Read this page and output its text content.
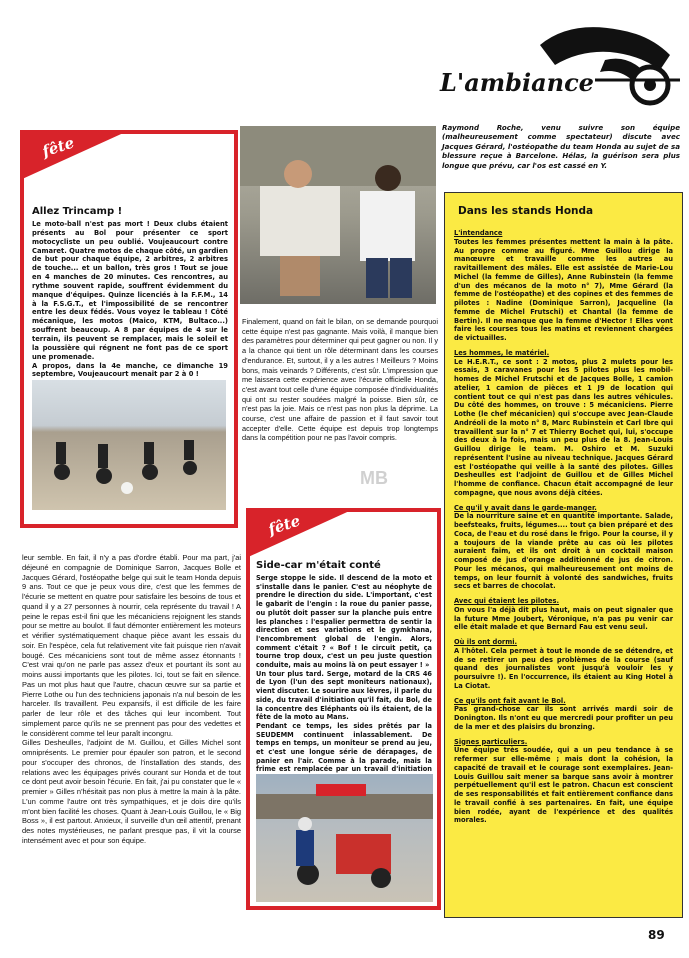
L'ambiance

Raymond Roche, venu suivre son équipe (malheureusement comme spectateur) discute avec Jacques Gérard, l'ostéopathe du team Honda au sujet de sa blessure reçue à Barcelone. Hélas, la guérison sera plus longue que prévu, car l'os est cassé en Y.

fête
Allez Trincamp !

Le moto-ball n'est pas mort ! Deux clubs étaient présents au Bol pour présenter ce sport motocycliste un peu oublié. Voujeaucourt contre Camaret. Quatre motos de chaque côté, un gardien de but pour chaque équipe, 2 arbitres, 2 arbitres de touche... et un ballon, très gros ! Tout se joue en 4 manches de 20 minutes. Ces rencontres, au rythme souvent rapide, souffrent évidemment du manque d'équipes. Quinze licenciés à la F.F.M., 14 à la F.S.G.T., et l'impossibilité de se rencontrer entre les deux fédés. Vous voyez le tableau ! Côté mécanique, les motos (Maico, KTM, Bultaco...) souffrent beaucoup. A 8 par équipes de 4 sur le terrain, ils peuvent se remplacer, mais le soleil et la poussière qui régnent ne font pas de ce sport une promenade.
A propos, dans la 4e manche, ce dimanche 19 septembre, Voujeaucourt menait par 2 à 0 !

Finalement, quand on fait le bilan, on se demande pourquoi cette équipe n'est pas gagnante. Mais voilà, il manque bien des paramètres pour déterminer qui peut gagner ou non. Il y a la chance qui tient un rôle déterminant dans les courses d'endurance. Et, surtout, il y a les autres ! Meilleurs ? Moins bons, mais veinards ? Différents, c'est sûr. L'impression que me laissera cette expérience avec l'écurie officielle Honda, c'est avant tout celle d'une équipe composée d'individualités qui ont su rester soudées malgré la poisse. Bien sûr, ce n'est pas la joie. Mais ce n'est pas non plus la déprime. La course, c'est une affaire de passion et il faut savoir tout accepter d'elle. Cette équipe est depuis trop longtemps dans la compétition pour ne pas l'avoir compris.

MB

leur semble. En fait, il n'y a pas d'ordre établi. Pour ma part, j'ai déjeuné en compagnie de Dominique Sarron, Jacques Bolle et Jacques Gérard, l'ostéopathe belge qui suit le team Honda depuis 9 ans. Tout ce que je peux vous dire, c'est que les femmes de l'écurie se mettent en quatre pour satisfaire les besoins de tous et quand il y a 27 personnes à nourrir, cela représente du travail ! A peine le repas est-il fini que les mécaniciens rejoignent les stands pour se mettre au boulot. Il faut démonter entièrement les moteurs et vérifier systématiquement chaque pièce avant les essais du soir. En l'espèce, cela fut relativement vite fait puisque rien n'avait bougé. Ces mécaniciens sont tout de même assez étonnants ! C'est vrai qu'on ne parle pas assez d'eux et pourtant ils sont au moins aussi importants que les pilotes. Ici, tout se fait en silence. Pas un mot plus haut que l'autre, chacun œuvre sur sa partie et Pierre Lothe ou l'un des techniciens japonais n'a nul besoin de les harceler. Ils travaillent. Peu expansifs, il est difficile de les faire parler de leur rôle et des tâches qui leur incombent. Tout simplement parce qu'ils ne se prennent pas pour des vedettes et le considèrent comme tel leur paraît incongru.
Gilles Desheulles, l'adjoint de M. Guillou, et Gilles Michel sont omniprésents. Le premier pour épauler son patron, et le second pour s'occuper des chronos, de l'installation des stands, des relations avec les équipages privés courant sur Honda et de tout ce dont peut avoir besoin l'écurie. En fait, j'ai pu constater que le « premier » Gilles n'hésitait pas non plus à mettre la main à la pâte. L'un comme l'autre ont très sympathiques, et je dois dire qu'ils m'ont bien facilité les choses. Quant à Jean-Louis Guillou, le « Big Boss », il est partout. Anxieux, il surveille d'un œil attentif, prenant des notes mystérieuses, ne parlant presque pas, il vit la course intensément avec et pour son équipe.

fête
Side-car m'était conté

Serge stoppe le side. Il descend de la moto et s'installe dans le panier. C'est au néophyte de prendre le direction du side. L'important, c'est le gabarit de l'engin : la roue du panier passe, ou plutôt doit passer sur la planche puis entre les planches : l'espalier permettra de sentir la direction et ses variations et le gymkhana, l'encombrement global de l'engin. Alors, comment c'était ? « Bof ! le circuit petit, ça tourne trop doux, c'est un peu juste question conduite, mais au moins là on peut essayer ! »
Un tour plus tard. Serge, motard de la CRS 46 de Lyon (l'un des sept moniteurs nationaux), vient discuter. Le sourire aux lèvres, il parle du side, du travail d'initiation qu'il fait, du Bol, de la concentre des Eléphants où ils étaient, de la fête de la moto au Mans.
Pendant ce temps, les sides prêtés par la SEUDEMM continuent inlassablement. De temps en temps, un moniteur se prend au jeu, et c'est une longue série de dérapages, de panier en l'air. Comme à la parade, mais la frime est remplacée par un travail d'initiation

Dans les stands Honda
L'intendance
Toutes les femmes présentes mettent la main à la pâte. Au propre comme au figuré. Mme Guillou dirige la manœuvre et travaille comme les autres au ravitaillement des mâles. Elle est assistée de Marie-Lou Michel (la femme de Gilles), Anne Rubinstein (la femme d'un des mécanos de la moto n° 7), Mme Gérard (la femme de l'ostéopathe) et des copines et des femmes de pilotes : Nadine (Dominique Sarron), Jacqueline (la femme de Michel Frutschi) et Chantal (la femme de Bertin). Il ne manque que la femme d'Hector ! Elles vont faire les courses tous les matins et reviennent chargées de victuailles.
Les hommes, le matériel.
Le H.E.R.T., ce sont : 2 motos, plus 2 mulets pour les essais, 3 caravanes pour les 5 pilotes plus les mobil-homes de Michel Frutschi et de Jacques Bolle, 1 camion atelier, 1 camion de pièces et 1 J9 de location qui contient tout ce qui n'est pas dans les autres véhicules. Du côté des hommes, on trouve : 5 mécaniciens. Pierre Lothe (le chef mécanicien) qui s'occupe avec Jean-Claude Andréoli de la moto n° 8, Marc Rubinstein et Carl Ibre qui travaillent sur la n° 7 et Thierry Bochet qui, lui, s'occupe des deux à la fois, mais un peu plus de la 8. Jean-Louis Guillou dirige le team. M. Oshiro et M. Suzuki représentent l'usine au niveau technique. Jacques Gérard est l'ostéopathe qui veille à la santé des pilotes. Gilles Desheulles est l'adjoint de Guillou et de Gilles Michel l'homme de confiance. Chacun était accompagné de leur compagne, que nous avons déjà citées.
Ce qu'il y avait dans le garde-manger.
De la nourriture saine et en quantité importante. Salade, beefsteaks, fruits, légumes.... tout ça bien préparé et des Coca, de l'eau et du rosé dans le frigo. Pour la course, il y a toujours de la viande prête au cas où les pilotes auraient faim, et ils ont droit à un cocktail maison composé de jus d'orange additionné de jus de citron. Pour les mécanos, qui malheureusement ont moins de temps, on leur fournit à volonté des sandwiches, fruits secs et barres de chocolat.
Avec qui étaient les pilotes.
On vous l'a déjà dit plus haut, mais on peut signaler que la future Mme Joubert, Véronique, n'a pas pu venir car elle était malade et que Bernard Fau est venu seul.
Où ils ont dormi.
A l'hôtel. Cela permet à tout le monde de se détendre, et de se retirer un peu des problèmes de la course (sauf quand des journalistes vont jusqu'à vouloir les y poursuivre !). En l'occurrence, ils étaient au King Hotel à La Ciotat.
Ce qu'ils ont fait avant le Bol.
Pas grand-chose car ils sont arrivés mardi soir de Donington. Ils n'ont eu que mercredi pour profiter un peu de la mer et des plaisirs du bronzing.
Signes particuliers.
Une équipe très soudée, qui a un peu tendance à se refermer sur elle-même ; mais dont la cohésion, la capacité de travail et le courage sont exemplaires. Jean-Louis Guillou sait mener sa barque sans avoir à montrer perpétuellement qu'il est le patron. Chacun est conscient de ses responsabilités et fait entièrement confiance dans le travail confié à ses partenaires. En fait, une équipe bien rodée, ayant de l'expérience et des qualités morales.
89
